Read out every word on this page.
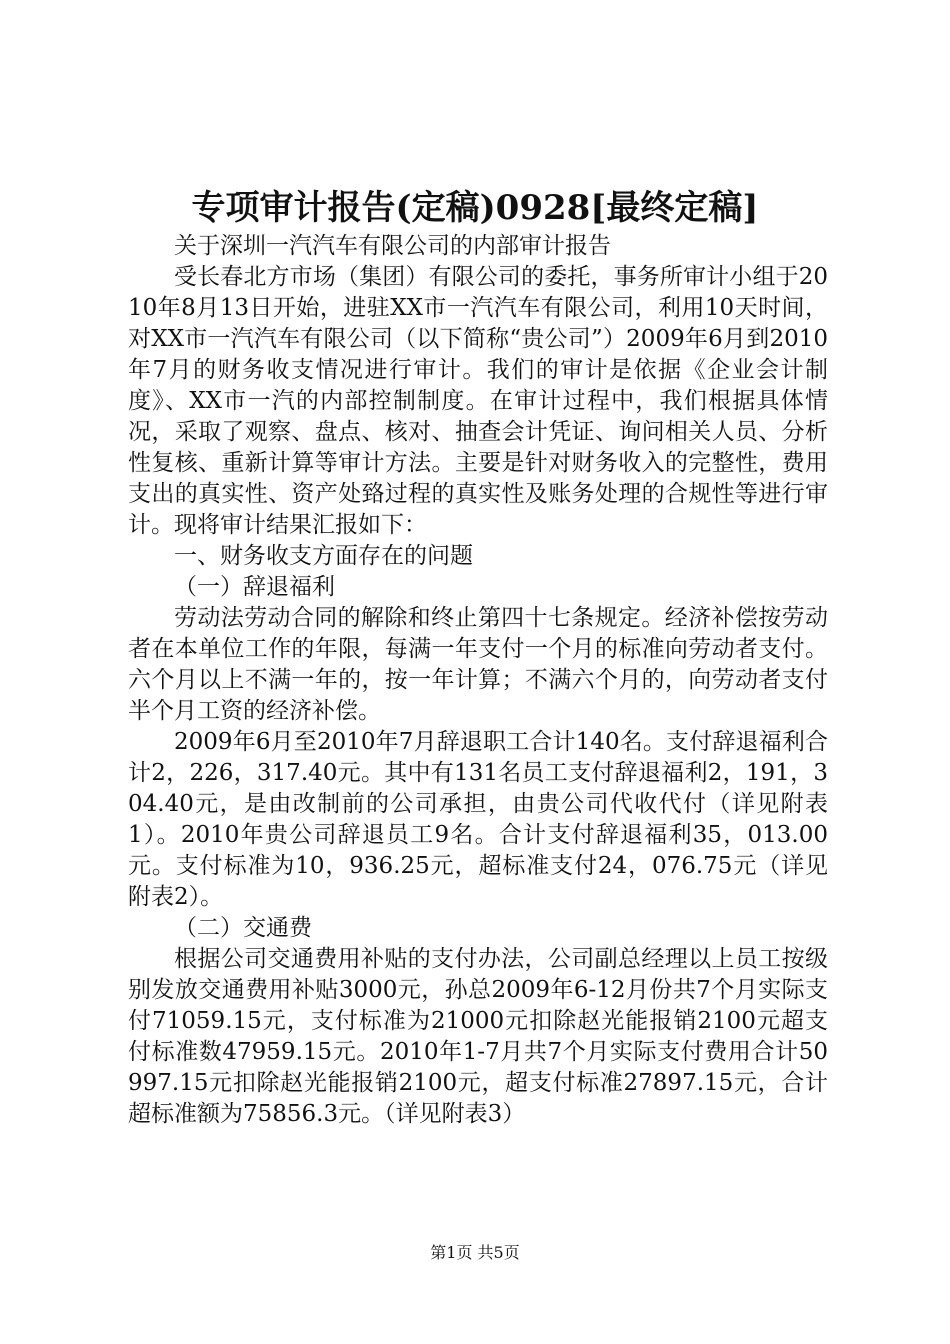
专项审计报告(定稿)0928[最终定稿]

关于深圳一汽汽车有限公司的内部审计报告

受长春北方市场（集团）有限公司的委托，事务所审计小组于2010年8月13日开始，进驻XX市一汽汽车有限公司，利用10天时间，对XX市一汽汽车有限公司（以下简称“贵公司”）2009年6月到2010年7月的财务收支情况进行审计。我们的审计是依据《企业会计制度》、XX市一汽的内部控制制度。在审计过程中，我们根据具体情况，采取了观察、盘点、核对、抽查会计凭证、询问相关人员、分析性复核、重新计算等审计方法。主要是针对财务收入的完整性，费用支出的真实性、资产处臵过程的真实性及账务处理的合规性等进行审计。现将审计结果汇报如下：

一、财务收支方面存在的问题

（一）辞退福利

劳动法劳动合同的解除和终止第四十七条规定。经济补偿按劳动者在本单位工作的年限，每满一年支付一个月的标准向劳动者支付。六个月以上不满一年的，按一年计算；不满六个月的，向劳动者支付半个月工资的经济补偿。

2009年6月至2010年7月辞退职工合计140名。支付辞退福利合计2，226，317.40元。其中有131名员工支付辞退福利2，191，304.40元，是由改制前的公司承担，由贵公司代收代付（详见附表1）。2010年贵公司辞退员工9名。合计支付辞退福利35，013.00元。支付标准为10，936.25元，超标准支付24，076.75元（详见附表2）。

（二）交通费

根据公司交通费用补贴的支付办法，公司副总经理以上员工按级别发放交通费用补贴3000元，孙总2009年6-12月份共7个月实际支付71059.15元，支付标准为21000元扣除赵光能报销2100元超支付标准数47959.15元。2010年1-7月共7个月实际支付费用合计50997.15元扣除赵光能报销2100元，超支付标准27897.15元，合计超标准额为75856.3元。（详见附表3）

第1页 共5页
